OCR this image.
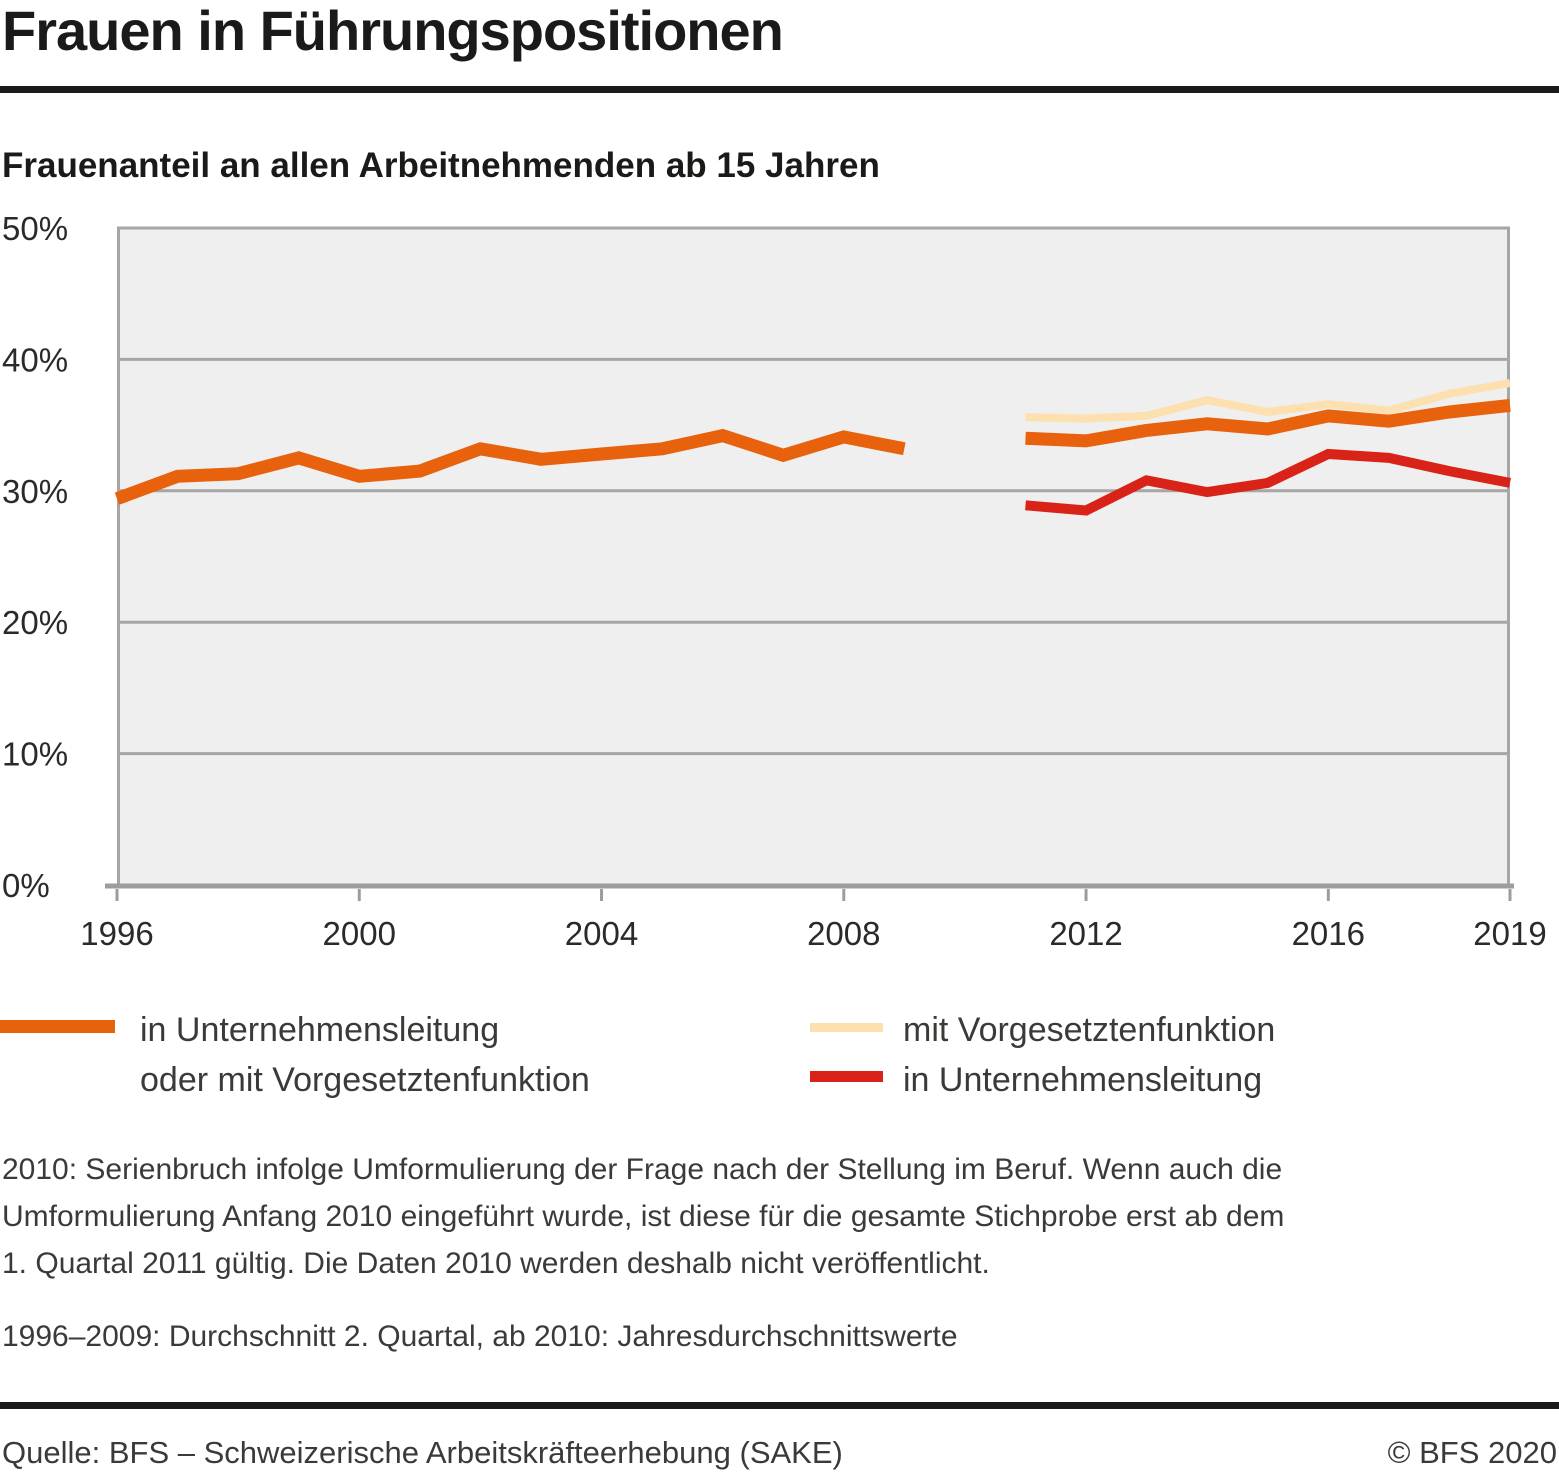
Frauen in Führungspositionen
Frauenanteil an allen Arbeitnehmenden ab 15 Jahren
0%
10%
20%
30%
40%
50%
1996	2000	2004	2008	2012	2016	2019
in Unternehmensleitung
oder mit Vorgesetztenfunktion
mit Vorgesetztenfunktion
in Unternehmensleitung
2010: Serienbruch infolge Umformulierung der Frage nach der Stellung im Beruf. Wenn auch die
Umformulierung Anfang 2010 eingeführt wurde, ist diese für die gesamte Stichprobe erst ab dem
1. Quartal 2011 gültig. Die Daten 2010 werden deshalb nicht veröffentlicht.
1996–2009: Durchschnitt 2. Quartal, ab 2010: Jahresdurchschnittswerte
Quelle: BFS – Schweizerische Arbeitskräfteerhebung (SAKE)	© BFS 2020
